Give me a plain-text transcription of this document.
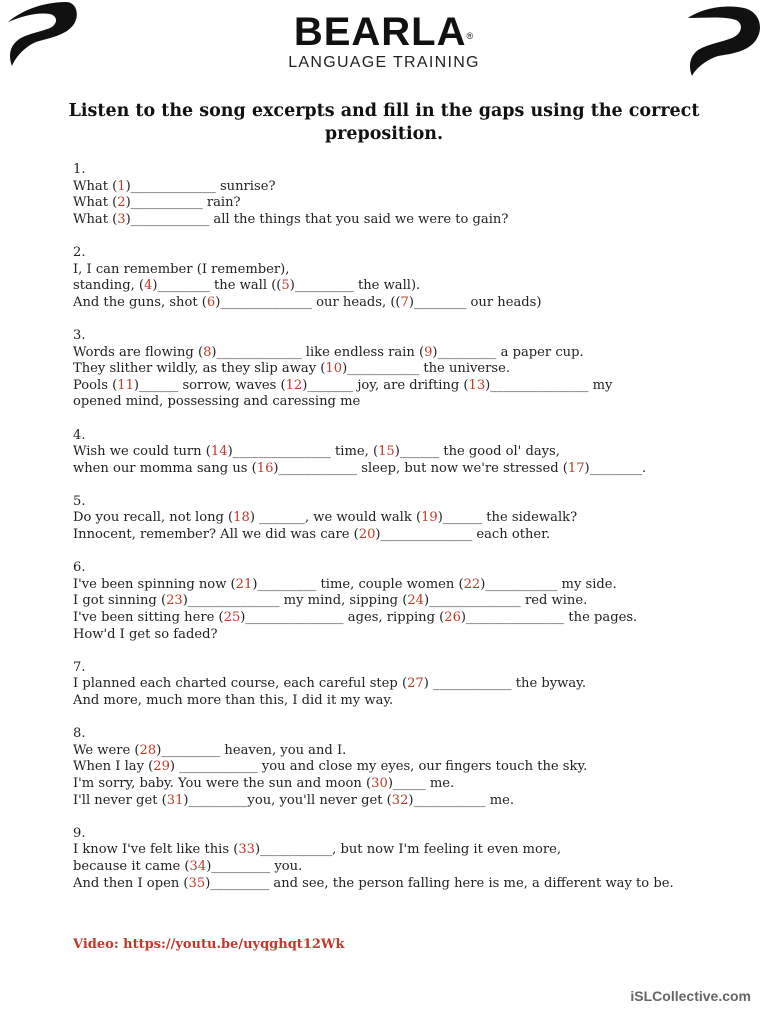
BEARLA®
LANGUAGE TRAINING
Listen to the song excerpts and fill in the gaps using the correct preposition.
1.
What (1)_____________ sunrise?
What (2)___________ rain?
What (3)____________ all the things that you said we were to gain?
2.
I, I can remember (I remember),
standing, (4)________ the wall ((5)_________ the wall).
And the guns, shot (6)______________ our heads, ((7)________ our heads)
3.
Words are flowing (8)_____________ like endless rain (9)_________ a paper cup.
They slither wildly, as they slip away (10)___________ the universe.
Pools (11)______ sorrow, waves (12)_______ joy, are drifting (13)_______________ my
opened mind, possessing and caressing me
4.
Wish we could turn (14)_______________ time, (15)______ the good ol' days,
when our momma sang us (16)____________ sleep, but now we're stressed (17)________.
5.
Do you recall, not long (18) _______, we would walk (19)______ the sidewalk?
Innocent, remember? All we did was care (20)______________ each other.
6.
I've been spinning now (21)_________ time, couple women (22)___________ my side.
I got sinning (23)______________ my mind, sipping (24)______________ red wine.
I've been sitting here (25)_______________ ages, ripping (26)_______________ the pages.
How'd I get so faded?
7.
I planned each charted course, each careful step (27) ____________ the byway.
And more, much more than this, I did it my way.
8.
We were (28)_________ heaven, you and I.
When I lay (29) ____________ you and close my eyes, our fingers touch the sky.
I'm sorry, baby. You were the sun and moon (30)_____ me.
I'll never get (31)_________you, you'll never get (32)___________ me.
9.
I know I've felt like this (33)___________, but now I'm feeling it even more,
because it came (34)_________ you.
And then I open (35)_________ and see, the person falling here is me, a different way to be.
Video: https://youtu.be/uyqghqt12Wk
iSLCollective.com
